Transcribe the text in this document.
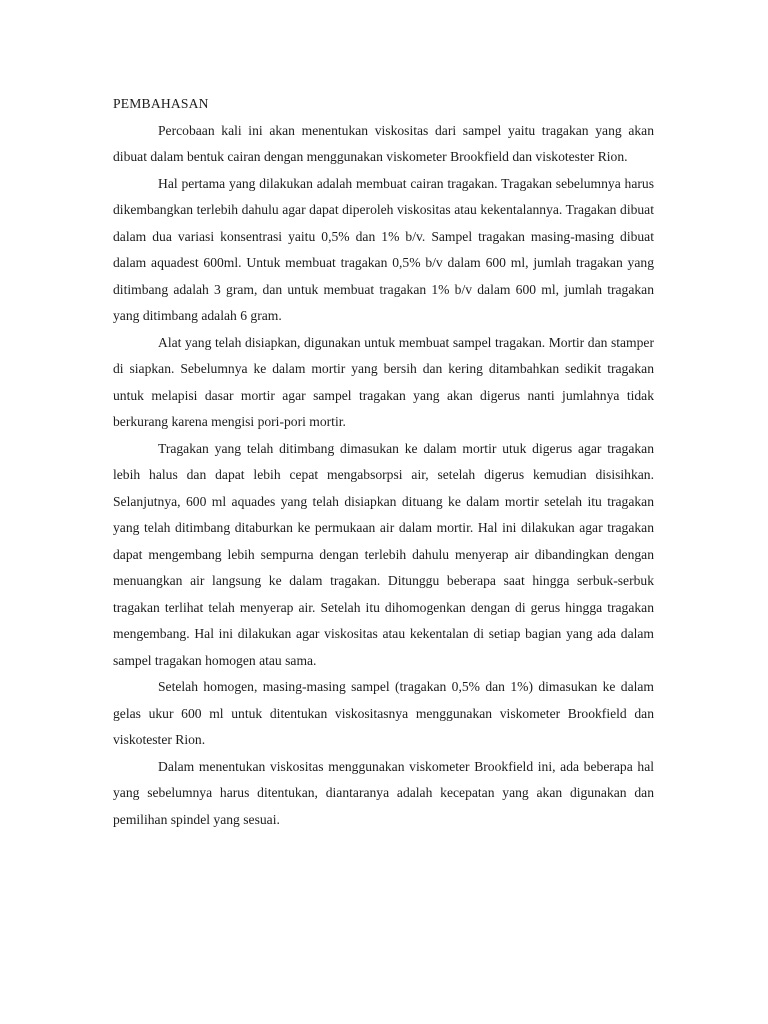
PEMBAHASAN

Percobaan kali ini akan menentukan viskositas dari sampel yaitu tragakan yang akan dibuat dalam bentuk cairan dengan menggunakan viskometer Brookfield dan viskotester Rion.

Hal pertama yang dilakukan adalah membuat cairan tragakan. Tragakan sebelumnya harus dikembangkan terlebih dahulu agar dapat diperoleh viskositas atau kekentalannya. Tragakan dibuat dalam dua variasi konsentrasi yaitu 0,5% dan 1% b/v. Sampel tragakan masing-masing dibuat dalam aquadest 600ml. Untuk membuat tragakan 0,5% b/v dalam 600 ml, jumlah tragakan yang ditimbang adalah 3 gram, dan untuk membuat tragakan 1% b/v dalam 600 ml, jumlah tragakan yang ditimbang adalah 6 gram.

Alat yang telah disiapkan, digunakan untuk membuat sampel tragakan. Mortir dan stamper di siapkan. Sebelumnya ke dalam mortir yang bersih dan kering ditambahkan sedikit tragakan untuk melapisi dasar mortir agar sampel tragakan yang akan digerus nanti jumlahnya tidak berkurang karena mengisi pori-pori mortir.

Tragakan yang telah ditimbang dimasukan ke dalam mortir utuk digerus agar tragakan lebih halus dan dapat lebih cepat mengabsorpsi air, setelah digerus kemudian disisihkan. Selanjutnya, 600 ml aquades yang telah disiapkan dituang ke dalam mortir setelah itu tragakan yang telah ditimbang ditaburkan ke permukaan air dalam mortir. Hal ini dilakukan agar tragakan dapat mengembang lebih sempurna dengan terlebih dahulu menyerap air dibandingkan dengan menuangkan air langsung ke dalam tragakan. Ditunggu beberapa saat hingga serbuk-serbuk tragakan terlihat telah menyerap air. Setelah itu dihomogenkan dengan di gerus hingga tragakan mengembang. Hal ini dilakukan agar viskositas atau kekentalan di setiap bagian yang ada dalam sampel tragakan homogen atau sama.

Setelah homogen, masing-masing sampel (tragakan 0,5% dan 1%) dimasukan ke dalam gelas ukur 600 ml untuk ditentukan viskositasnya menggunakan viskometer Brookfield dan viskotester Rion.

Dalam menentukan viskositas menggunakan viskometer Brookfield ini, ada beberapa hal yang sebelumnya harus ditentukan, diantaranya adalah kecepatan yang akan digunakan dan pemilihan spindel yang sesuai.
